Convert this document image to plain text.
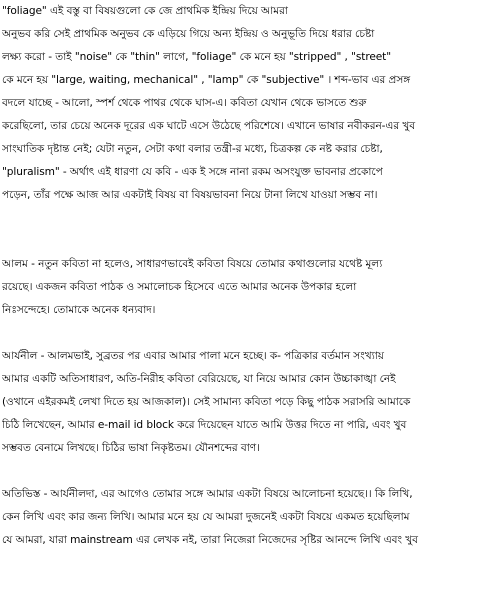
"foliage" এই বস্তু বা বিষয়গুলো কে জে প্রাথমিক ইন্দ্রিয় দিয়ে আমরা
অনুভব করি সেই প্রাথমিক অনুভব কে এড়িয়ে গিয়ে অন্য ইন্দ্রিয় ও অনুভূতি দিয়ে ধরার চেষ্টা
লক্ষ্য করো - তাই "noise" কে "thin" লাগে, "foliage" কে মনে হয় "stripped" , "street"
কে মনে হয় "large, waiting, mechanical" , "lamp" কে "subjective" । শব্দ-ভাব এর প্রসঙ্গ
বদলে যাচ্ছে - আলো, স্পর্শ থেকে পাথর থেকে ঘাস-এ। কবিতা যেখান থেকে ভাসতে শুরু
করেছিলো, তার চেয়ে অনেক দূরের এক ঘাটে এসে উঠেছে পরিশেষে। এখানে ভাষার নবীকরন-এর খুব
সাংঘাতিক দৃষ্টান্ত নেই; যেটা নতুন, সেটা কথা বলার তন্ত্রী-র মধ্যে, চিত্রকল্প কে নষ্ট করার চেষ্টা,
"pluralism" - অর্থাৎ এই ধারণা যে কবি - এক ই সঙ্গে নানা রকম অসংযুক্ত ভাবনার প্রকোপে
পড়েন, তাঁর পক্ষে আজ আর একটাই বিষয় বা বিষয়ভাবনা নিয়ে টানা লিখে যাওয়া সম্ভব না।
আলম - নতুন কবিতা না হলেও, সাধারণভাবেই কবিতা বিষয়ে তোমার কথাগুলোর যথেষ্ট মূল্য
রয়েছে। একজন কবিতা পাঠক ও সমালোচক হিসেবে এতে আমার অনেক উপকার হলো
নিঃসন্দেহে। তোমাকে অনেক ধন্যবাদ।
আর্যনীল - আলমভাই, সুব্রতর পর এবার আমার পালা মনে হচ্ছে। ক- পত্রিকার বর্তমান সংখ্যায়
আমার একটি অতিসাধারণ, অতি-নিরীহ কবিতা বেরিয়েছে, যা নিয়ে আমার কোন উচ্চাকাঙ্খা নেই
(ওখানে এইরকমই লেখা দিতে হয় আজকাল)। সেই সামান্য কবিতা পড়ে কিছু পাঠক সরাসরি আমাকে
চিঠি লিখেছেন, আমার e-mail id block করে দিয়েছেন যাতে আমি উত্তর দিতে না পারি, এবং খুব
সম্ভবত বেনামে লিখছে। চিঠির ভাষা নিকৃষ্টতম। যৌনশব্দের বাণ।
অতিভিস্ত - আর্যনীলদা, এর আগেও তোমার সঙ্গে আমার একটা বিষয়ে আলোচনা হয়েছে।। কি লিখি,
কেন লিখি এবং কার জন্য লিখি। আমার মনে হয় যে আমরা দুজনেই একটা বিষয়ে একমত হয়েছিলাম
যে আমরা, যারা mainstream এর লেখক নই, তারা নিজেরা নিজেদের সৃষ্টির আনন্দে লিখি এবং খুব
